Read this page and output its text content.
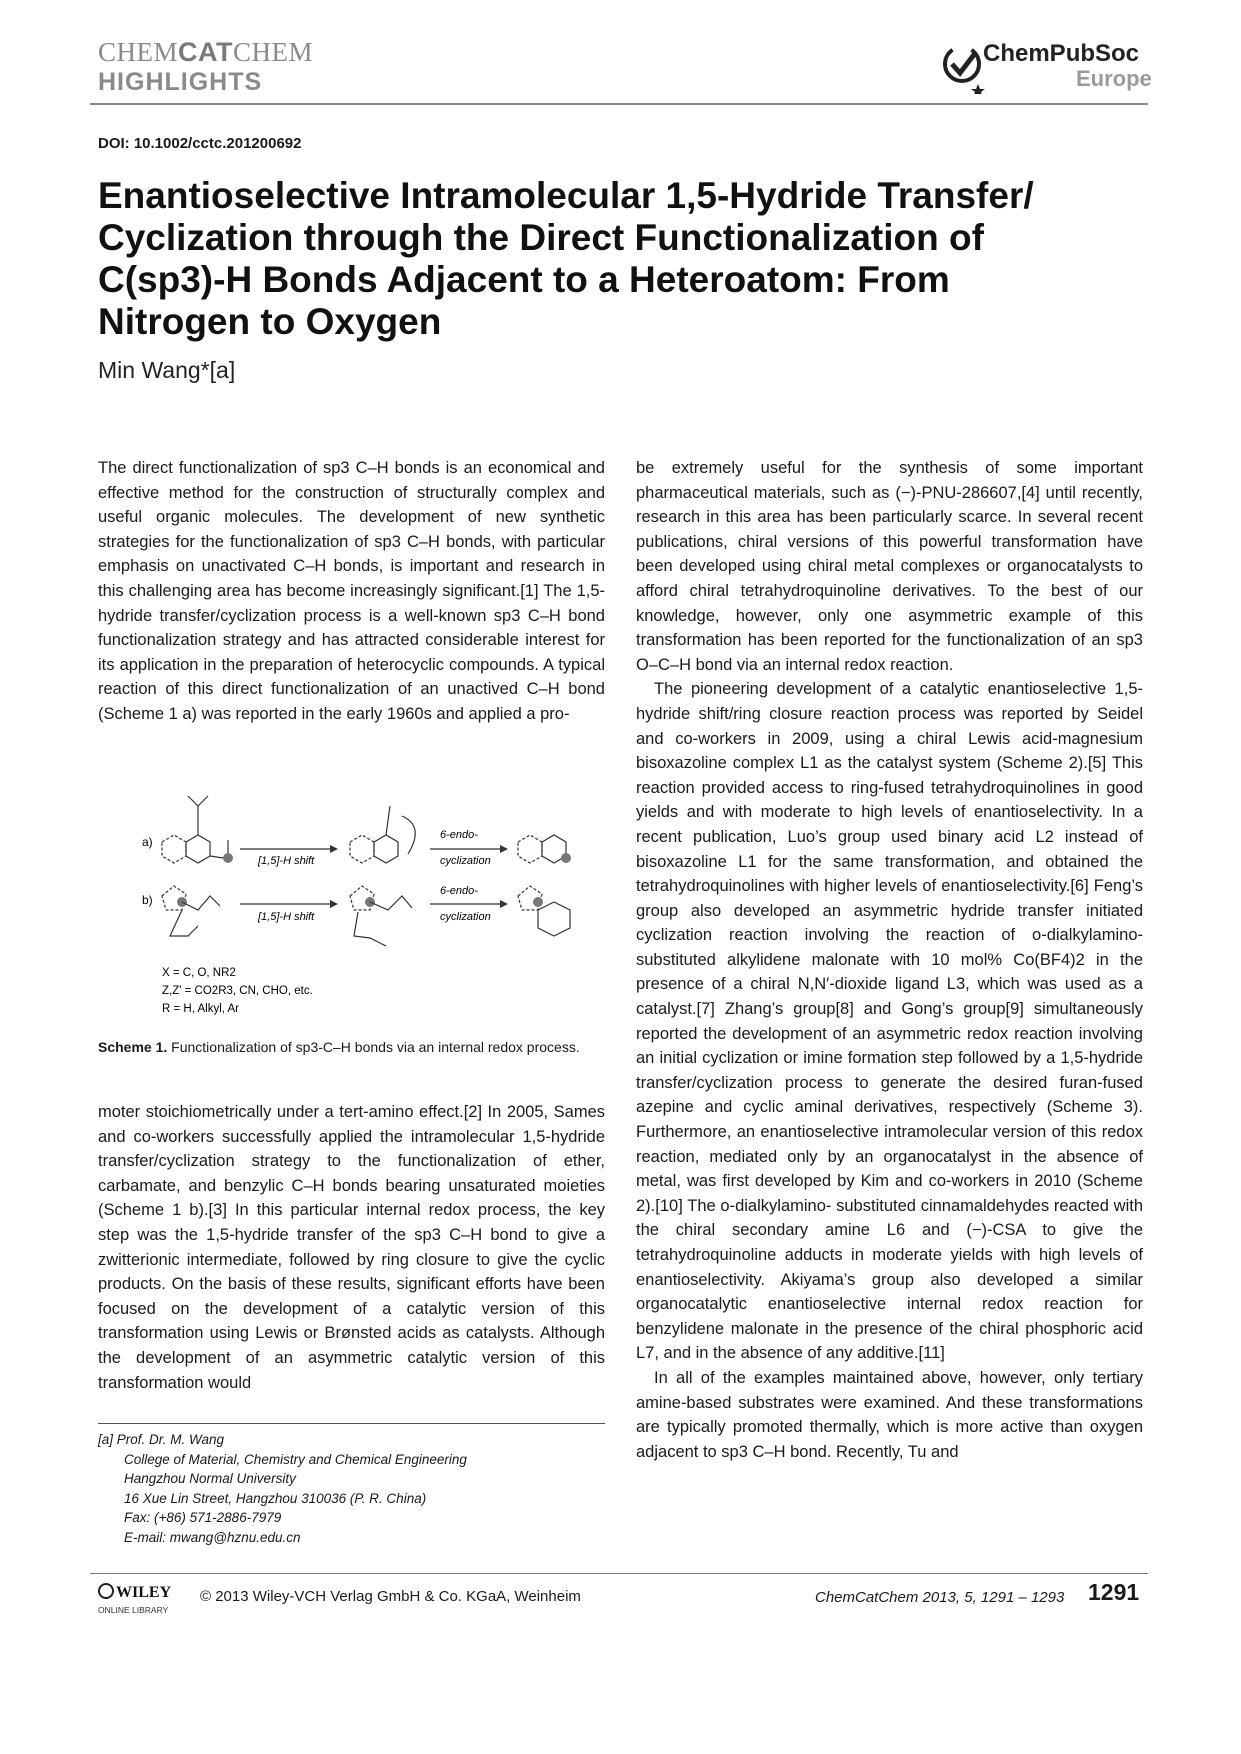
CHEMCATCHEM
HIGHLIGHTS
ChemPubSoc
Europe
DOI: 10.1002/cctc.201200692
Enantioselective Intramolecular 1,5-Hydride Transfer/ Cyclization through the Direct Functionalization of C(sp3)-H Bonds Adjacent to a Heteroatom: From Nitrogen to Oxygen
Min Wang*[a]

The direct functionalization of sp3 C–H bonds is an economical and effective method for the construction of structurally complex and useful organic molecules. The development of new synthetic strategies for the functionalization of sp3 C–H bonds, with particular emphasis on unactivated C–H bonds, is important and research in this challenging area has become increasingly significant.[1] The 1,5-hydride transfer/cyclization process is a well-known sp3 C–H bond functionalization strategy and has attracted considerable interest for its application in the preparation of heterocyclic compounds. A typical reaction of this direct functionalization of an unactived C–H bond (Scheme 1 a) was reported in the early 1960s and applied a pro-

a)
[1,5]-H shift
6-endo-
cyclization
b)
[1,5]-H shift
6-endo-
cyclization
X = C, O, NR2
Z,Z' = CO2R3, CN, CHO, etc.
R = H, Alkyl, Ar
Scheme 1. Functionalization of sp3-C–H bonds via an internal redox process.

moter stoichiometrically under a tert-amino effect.[2] In 2005, Sames and co-workers successfully applied the intramolecular 1,5-hydride transfer/cyclization strategy to the functionalization of ether, carbamate, and benzylic C–H bonds bearing unsaturated moieties (Scheme 1 b).[3] In this particular internal redox process, the key step was the 1,5-hydride transfer of the sp3 C–H bond to give a zwitterionic intermediate, followed by ring closure to give the cyclic products. On the basis of these results, significant efforts have been focused on the development of a catalytic version of this transformation using Lewis or Brønsted acids as catalysts. Although the development of an asymmetric catalytic version of this transformation would

be extremely useful for the synthesis of some important pharmaceutical materials, such as (−)-PNU-286607,[4] until recently, research in this area has been particularly scarce. In several recent publications, chiral versions of this powerful transformation have been developed using chiral metal complexes or organocatalysts to afford chiral tetrahydroquinoline derivatives. To the best of our knowledge, however, only one asymmetric example of this transformation has been reported for the functionalization of an sp3 O–C–H bond via an internal redox reaction.

The pioneering development of a catalytic enantioselective 1,5-hydride shift/ring closure reaction process was reported by Seidel and co-workers in 2009, using a chiral Lewis acid-magnesium bisoxazoline complex L1 as the catalyst system (Scheme 2).[5] This reaction provided access to ring-fused tetrahydroquinolines in good yields and with moderate to high levels of enantioselectivity. In a recent publication, Luo’s group used binary acid L2 instead of bisoxazoline L1 for the same transformation, and obtained the tetrahydroquinolines with higher levels of enantioselectivity.[6] Feng’s group also developed an asymmetric hydride transfer initiated cyclization reaction involving the reaction of o-dialkylamino-substituted alkylidene malonate with 10 mol% Co(BF4)2 in the presence of a chiral N,N′-dioxide ligand L3, which was used as a catalyst.[7] Zhang’s group[8] and Gong’s group[9] simultaneously reported the development of an asymmetric redox reaction involving an initial cyclization or imine formation step followed by a 1,5-hydride transfer/cyclization process to generate the desired furan-fused azepine and cyclic aminal derivatives, respectively (Scheme 3). Furthermore, an enantioselective intramolecular version of this redox reaction, mediated only by an organocatalyst in the absence of metal, was first developed by Kim and co-workers in 2010 (Scheme 2).[10] The o-dialkylamino- substituted cinnamaldehydes reacted with the chiral secondary amine L6 and (−)-CSA to give the tetrahydroquinoline adducts in moderate yields with high levels of enantioselectivity. Akiyama’s group also developed a similar organocatalytic enantioselective internal redox reaction for benzylidene malonate in the presence of the chiral phosphoric acid L7, and in the absence of any additive.[11]

In all of the examples maintained above, however, only tertiary amine-based substrates were examined. And these transformations are typically promoted thermally, which is more active than oxygen adjacent to sp3 C–H bond. Recently, Tu and

[a] Prof. Dr. M. Wang
College of Material, Chemistry and Chemical Engineering
Hangzhou Normal University
16 Xue Lin Street, Hangzhou 310036 (P. R. China)
Fax: (+86) 571-2886-7979
E-mail: mwang@hznu.edu.cn
WILEY
ONLINE LIBRARY
© 2013 Wiley-VCH Verlag GmbH & Co. KGaA, Weinheim	ChemCatChem 2013, 5, 1291 – 1293 1291
